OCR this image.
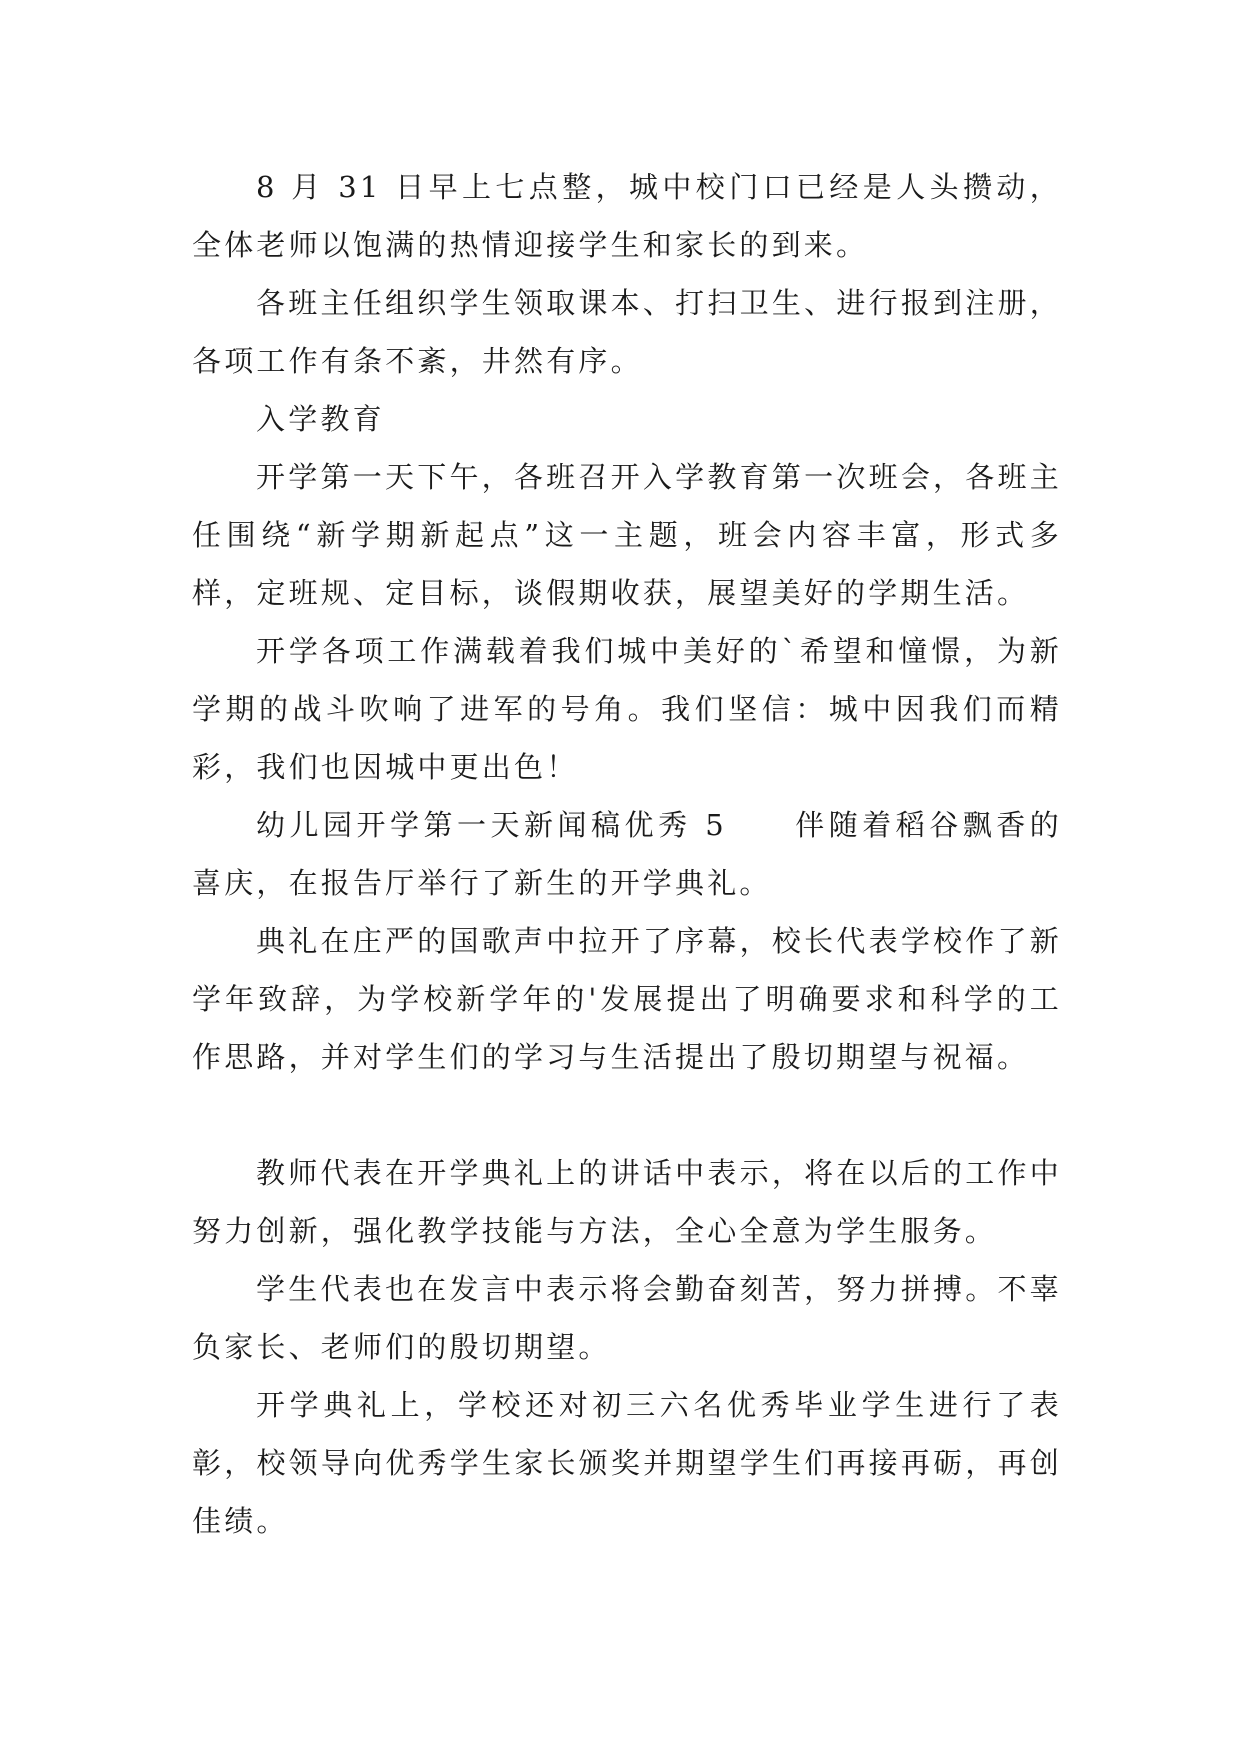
8 月 31 日早上七点整，城中校门口已经是人头攒动，全体老师以饱满的热情迎接学生和家长的到来。

各班主任组织学生领取课本、打扫卫生、进行报到注册，各项工作有条不紊，井然有序。

入学教育

开学第一天下午，各班召开入学教育第一次班会，各班主任围绕“新学期新起点”这一主题，班会内容丰富，形式多样，定班规、定目标，谈假期收获，展望美好的学期生活。

开学各项工作满载着我们城中美好的`希望和憧憬，为新学期的战斗吹响了进军的号角。我们坚信：城中因我们而精彩，我们也因城中更出色！

幼儿园开学第一天新闻稿优秀 5　　伴随着稻谷飘香的喜庆，在报告厅举行了新生的开学典礼。

典礼在庄严的国歌声中拉开了序幕，校长代表学校作了新学年致辞，为学校新学年的'发展提出了明确要求和科学的工作思路，并对学生们的学习与生活提出了殷切期望与祝福。

教师代表在开学典礼上的讲话中表示，将在以后的工作中努力创新，强化教学技能与方法，全心全意为学生服务。

学生代表也在发言中表示将会勤奋刻苦，努力拼搏。不辜负家长、老师们的殷切期望。

开学典礼上，学校还对初三六名优秀毕业学生进行了表彰，校领导向优秀学生家长颁奖并期望学生们再接再砺，再创佳绩。
